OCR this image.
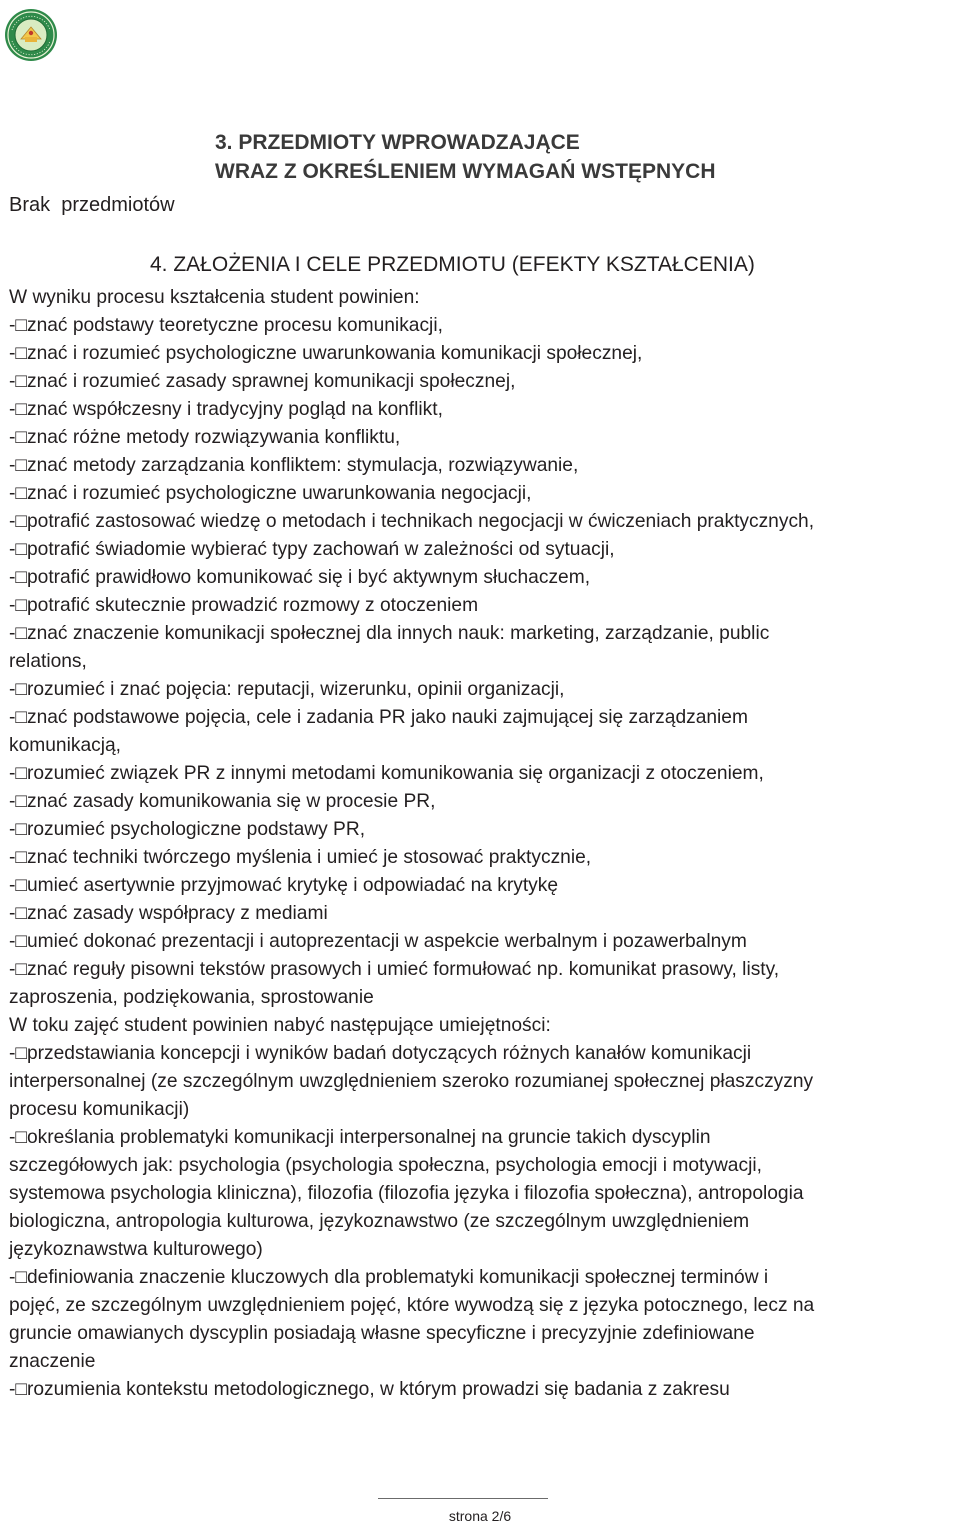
3. PRZEDMIOTY WPROWADZAJĄCE
WRAZ Z OKREŚLENIEM WYMAGAŃ WSTĘPNYCH
Brak  przedmiotów
4. ZAŁOŻENIA I CELE PRZEDMIOTU (EFEKTY KSZTAŁCENIA)

W wyniku procesu kształcenia student powinien:

-□znać podstawy teoretyczne procesu komunikacji,

-□znać i rozumieć psychologiczne uwarunkowania komunikacji społecznej,

-□znać i rozumieć zasady sprawnej komunikacji społecznej,

-□znać współczesny i tradycyjny pogląd na konflikt,

-□znać różne metody rozwiązywania konfliktu,

-□znać metody zarządzania konfliktem: stymulacja, rozwiązywanie,

-□znać i rozumieć psychologiczne uwarunkowania negocjacji,

-□potrafić zastosować wiedzę o metodach i technikach negocjacji w ćwiczeniach praktycznych,

-□potrafić świadomie wybierać typy zachowań w zależności od sytuacji,

-□potrafić prawidłowo komunikować się i być aktywnym słuchaczem,

-□potrafić skutecznie prowadzić rozmowy z otoczeniem

-□znać znaczenie komunikacji społecznej dla innych nauk: marketing, zarządzanie, public

relations,

-□rozumieć i znać pojęcia: reputacji, wizerunku, opinii organizacji,

-□znać podstawowe pojęcia, cele i zadania PR jako nauki zajmującej się zarządzaniem

komunikacją,

-□rozumieć związek PR z innymi metodami komunikowania się organizacji z otoczeniem,

-□znać zasady komunikowania się w procesie PR,

-□rozumieć psychologiczne podstawy PR,

-□znać techniki twórczego myślenia i umieć je stosować praktycznie,

-□umieć asertywnie przyjmować krytykę i odpowiadać na krytykę

-□znać zasady współpracy z mediami

-□umieć dokonać prezentacji i autoprezentacji w aspekcie werbalnym i pozawerbalnym

-□znać reguły pisowni tekstów prasowych i umieć formułować np. komunikat prasowy, listy,

zaproszenia, podziękowania, sprostowanie

W toku zajęć student powinien nabyć następujące umiejętności:

-□przedstawiania koncepcji i wyników badań dotyczących różnych kanałów komunikacji

interpersonalnej (ze szczególnym uwzględnieniem szeroko rozumianej społecznej płaszczyzny

procesu komunikacji)

-□określania problematyki komunikacji interpersonalnej na gruncie takich dyscyplin

szczegółowych jak: psychologia (psychologia społeczna, psychologia emocji i motywacji,

systemowa psychologia kliniczna), filozofia (filozofia języka i filozofia społeczna), antropologia

biologiczna, antropologia kulturowa, językoznawstwo (ze szczególnym uwzględnieniem

językoznawstwa kulturowego)

-□definiowania znaczenie kluczowych dla problematyki komunikacji społecznej terminów i

pojęć, ze szczególnym uwzględnieniem pojęć, które wywodzą się z języka potocznego, lecz na

gruncie omawianych dyscyplin posiadają własne specyficzne i precyzyjnie zdefiniowane

znaczenie

-□rozumienia kontekstu metodologicznego, w którym prowadzi się badania z zakresu

strona 2/6
